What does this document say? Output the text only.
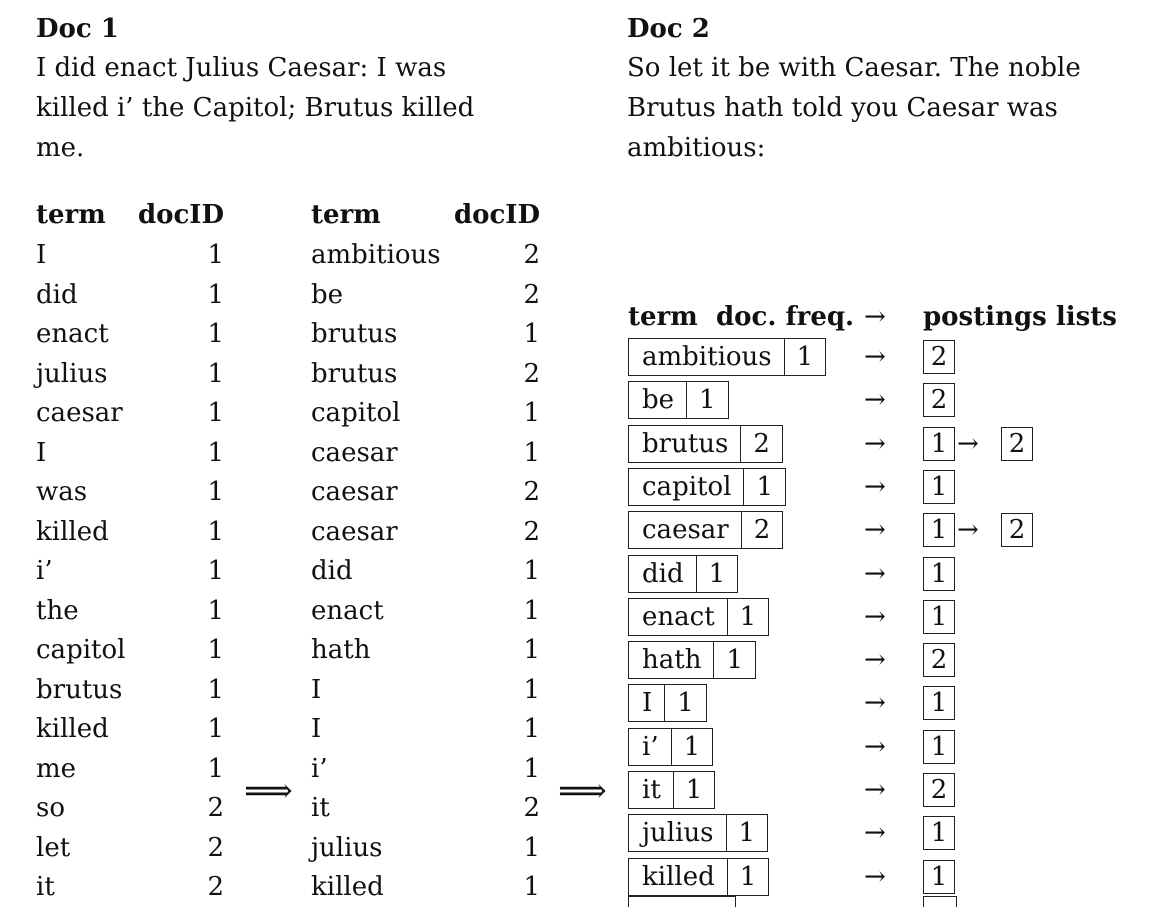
Doc 1
I did enact Julius Caesar: I was
killed i’ the Capitol; Brutus killed
me.
Doc 2
So let it be with Caesar. The noble
Brutus hath told you Caesar was
ambitious:
term docID
I	1
did	1
enact	1
julius	1
caesar	1
I	1
was	1
killed	1
i’	1
the	1
capitol	1
brutus	1
killed	1
me	1
so	2
let	2
it	2
term	docID
ambitious	2
be	2
brutus	1
brutus	2
capitol	1
caesar	1
caesar	2
caesar	2
did	1
enact	1
hath	1
I	1
I	1
i’	1
it	2
julius	1
killed	1
⟹	⟹
term doc. freq. → postings lists
ambitious 1	→ 2
be 1	→ 2
brutus 2	→ 1 → 2
capitol 1	→ 1
caesar 2	→ 1 → 2
did 1	→ 1
enact 1	→ 1
hath 1	→ 2
I 1	→ 1
i’ 1	→ 1
it 1	→ 2
julius 1	→ 1
killed 1	→ 1
